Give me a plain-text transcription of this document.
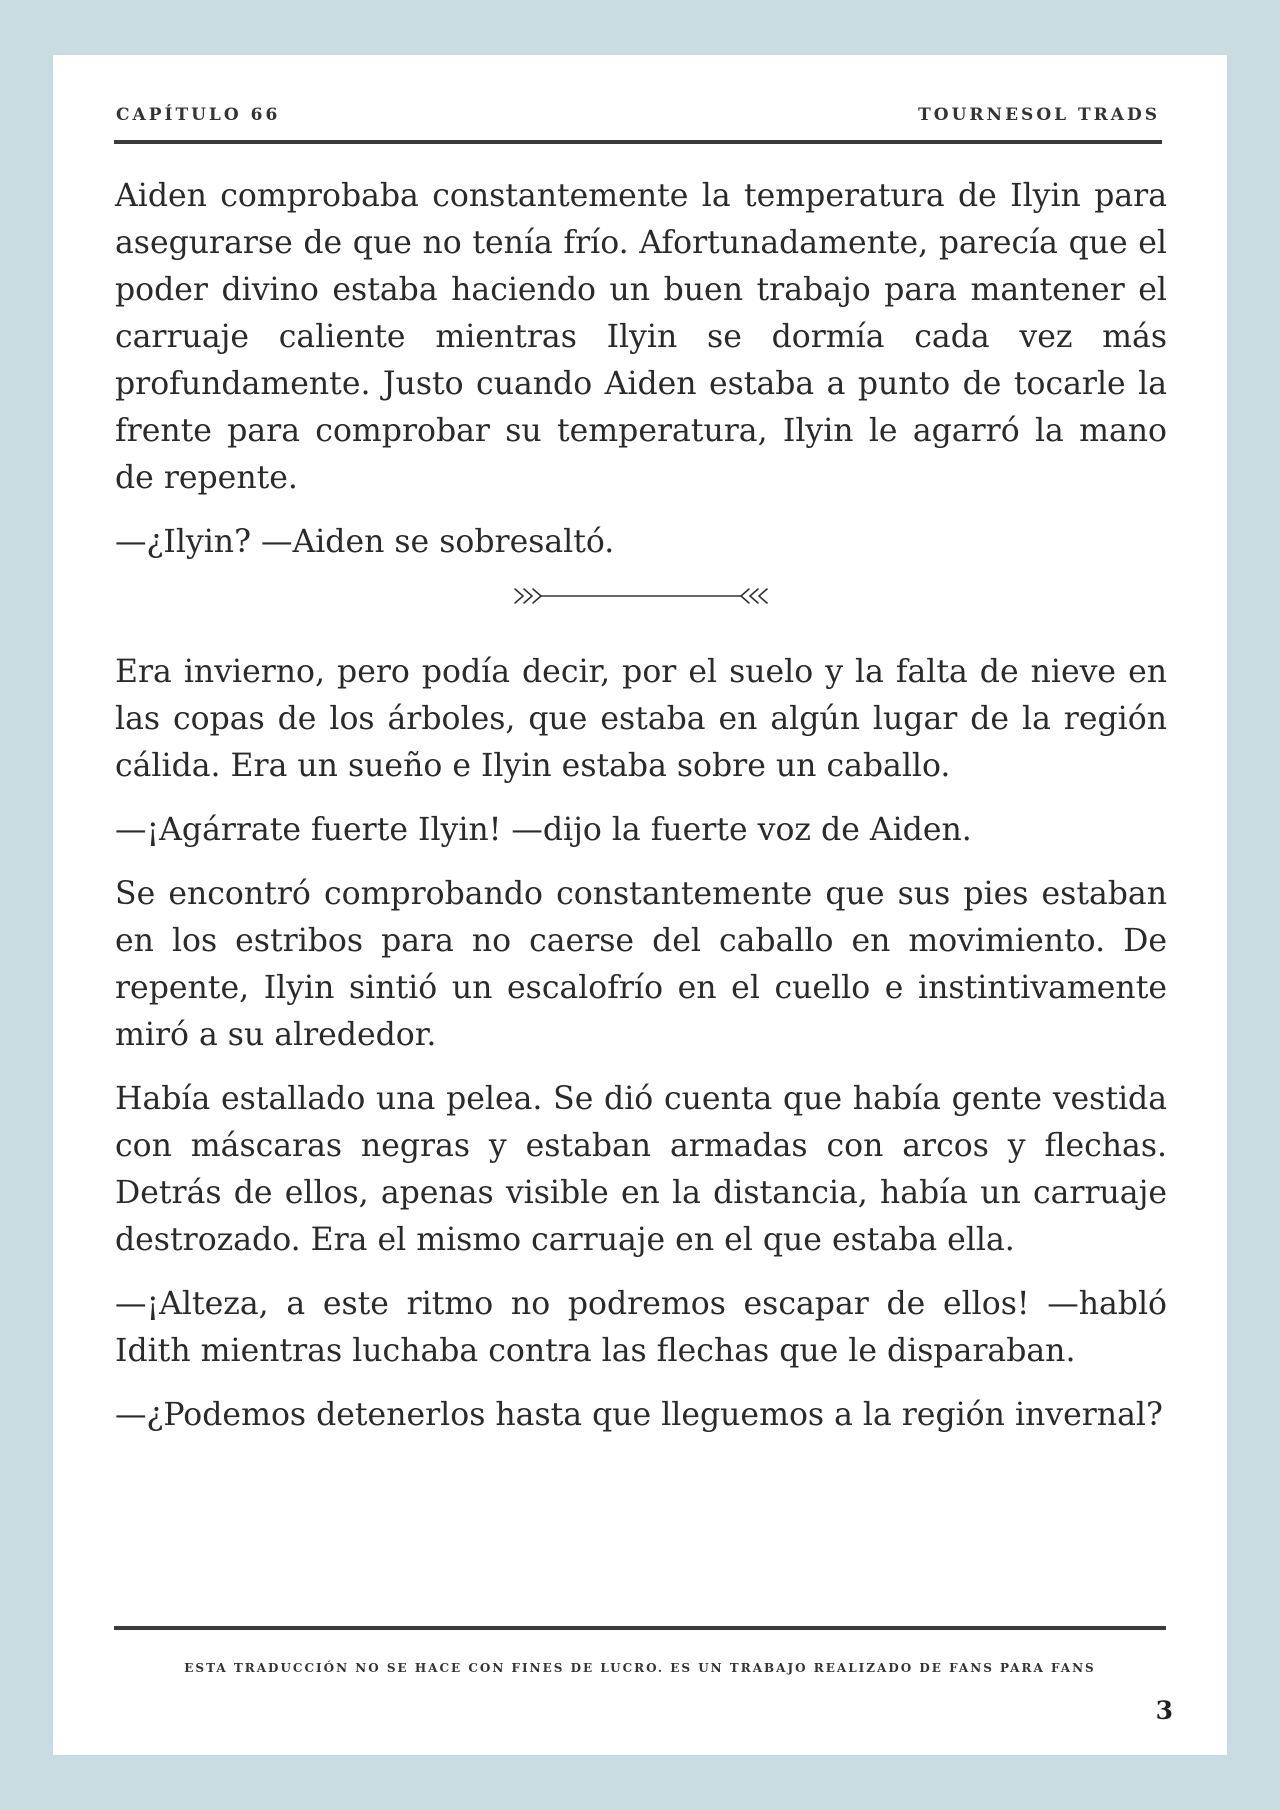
CAPÍTULO 66	TOURNESOL TRADS

Aiden comprobaba constantemente la temperatura de Ilyin para asegurarse de que no tenía frío. Afortunadamente, parecía que el poder divino estaba haciendo un buen trabajo para mantener el carruaje caliente mientras Ilyin se dormía cada vez más profundamente. Justo cuando Aiden estaba a punto de tocarle la frente para comprobar su temperatura, Ilyin le agarró la mano de repente.

—¿Ilyin? —Aiden se sobresaltó.

Era invierno, pero podía decir, por el suelo y la falta de nieve en las copas de los árboles, que estaba en algún lugar de la región cálida. Era un sueño e Ilyin estaba sobre un caballo.

—¡Agárrate fuerte Ilyin! —dijo la fuerte voz de Aiden.

Se encontró comprobando constantemente que sus pies estaban en los estribos para no caerse del caballo en movimiento. De repente, Ilyin sintió un escalofrío en el cuello e instintivamente miró a su alrededor.

Había estallado una pelea. Se dió cuenta que había gente vestida con máscaras negras y estaban armadas con arcos y flechas. Detrás de ellos, apenas visible en la distancia, había un carruaje destrozado. Era el mismo carruaje en el que estaba ella.

—¡Alteza, a este ritmo no podremos escapar de ellos! —habló Idith mientras luchaba contra las flechas que le disparaban.

—¿Podemos detenerlos hasta que lleguemos a la región invernal?

ESTA TRADUCCIÓN NO SE HACE CON FINES DE LUCRO. ES UN TRABAJO REALIZADO DE FANS PARA FANS
3
